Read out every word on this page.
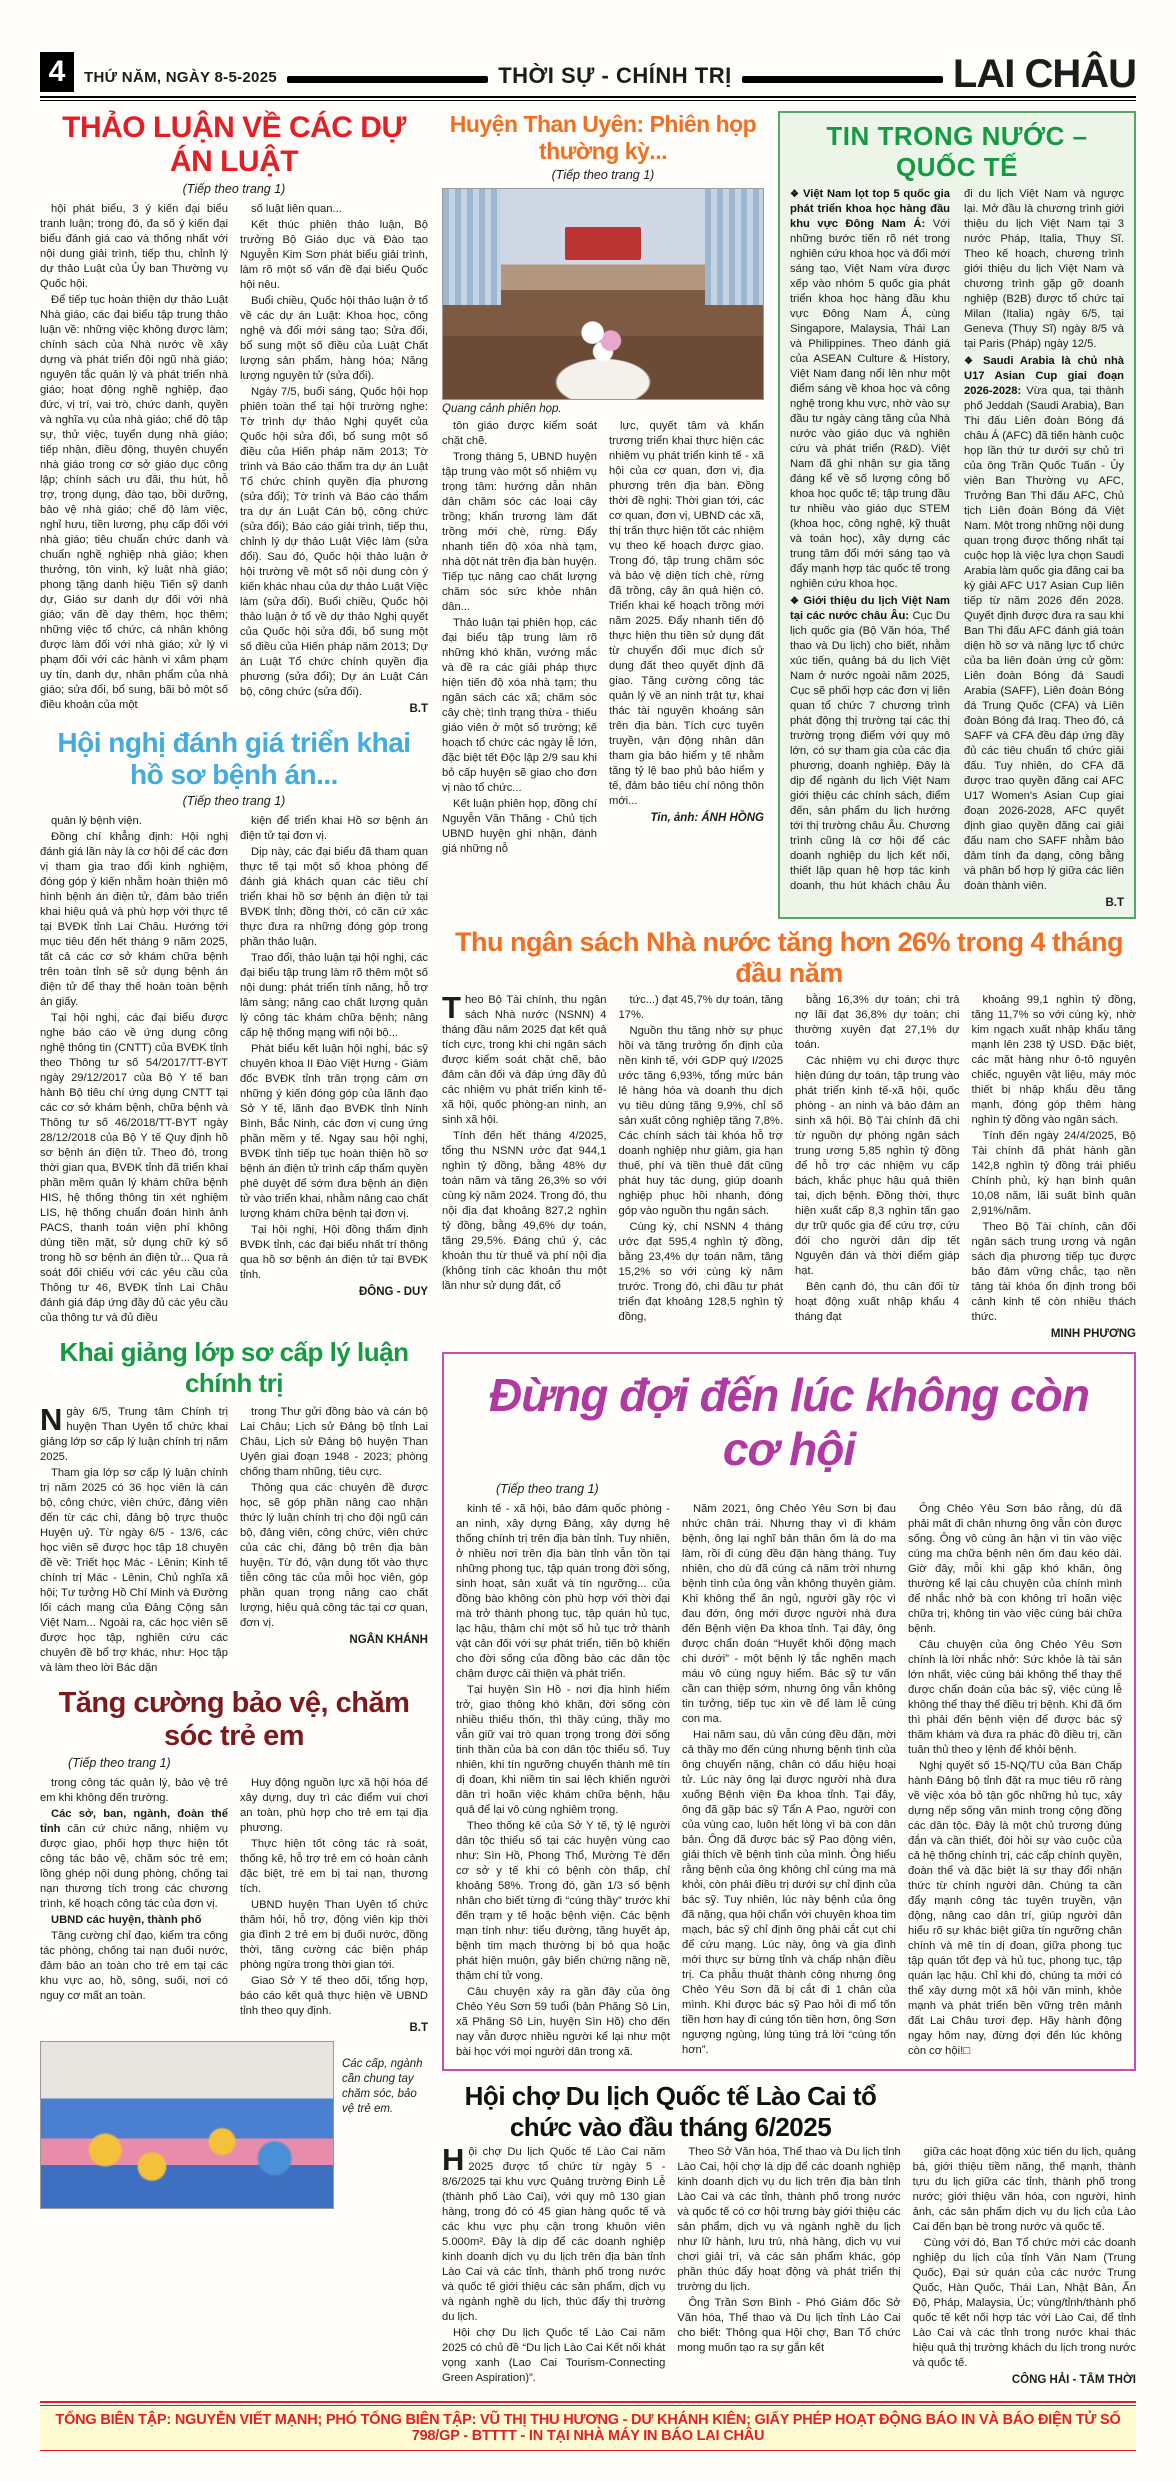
4	THỨ NĂM, NGÀY 8-5-2025	THỜI SỰ - CHÍNH TRỊ	LAI CHÂU
THẢO LUẬN VỀ CÁC DỰ ÁN LUẬT
(Tiếp theo trang 1)

hội phát biểu, 3 ý kiến đại biểu tranh luận; trong đó, đa số ý kiến đại biểu đánh giá cao và thống nhất với nội dung giải trình, tiếp thu, chỉnh lý dự thảo Luật của Ủy ban Thường vụ Quốc hội.

Để tiếp tục hoàn thiện dự thảo Luật Nhà giáo, các đại biểu tập trung thảo luận về: những việc không được làm; chính sách của Nhà nước về xây dựng và phát triển đội ngũ nhà giáo; nguyên tắc quản lý và phát triển nhà giáo; hoạt động nghề nghiệp, đạo đức, vị trí, vai trò, chức danh, quyền và nghĩa vụ của nhà giáo; chế độ tập sự, thử việc, tuyển dụng nhà giáo; tiếp nhận, điều động, thuyên chuyển nhà giáo trong cơ sở giáo dục công lập; chính sách ưu đãi, thu hút, hỗ trợ, trọng dụng, đào tạo, bồi dưỡng, bảo vệ nhà giáo; chế độ làm việc, nghỉ hưu, tiền lương, phụ cấp đối với nhà giáo; tiêu chuẩn chức danh và chuẩn nghề nghiệp nhà giáo; khen thưởng, tôn vinh, kỷ luật nhà giáo; phong tặng danh hiệu Tiến sỹ danh dự, Giáo sư danh dự đối với nhà giáo; vấn đề dạy thêm, học thêm; những việc tổ chức, cá nhân không được làm đối với nhà giáo; xử lý vi phạm đối với các hành vi xâm phạm uy tín, danh dự, nhân phẩm của nhà giáo; sửa đổi, bổ sung, bãi bỏ một số điều khoản của một

số luật liên quan...

Kết thúc phiên thảo luận, Bộ trưởng Bộ Giáo dục và Đào tạo Nguyễn Kim Sơn phát biểu giải trình, làm rõ một số vấn đề đại biểu Quốc hội nêu.

Buổi chiều, Quốc hội thảo luận ở tổ về các dự án Luật: Khoa học, công nghệ và đổi mới sáng tạo; Sửa đổi, bổ sung một số điều của Luật Chất lượng sản phẩm, hàng hóa; Năng lượng nguyên tử (sửa đổi).

Ngày 7/5, buổi sáng, Quốc hội họp phiên toàn thể tại hội trường nghe: Tờ trình dự thảo Nghị quyết của Quốc hội sửa đổi, bổ sung một số điều của Hiến pháp năm 2013; Tờ trình và Báo cáo thẩm tra dự án Luật Tổ chức chính quyền địa phương (sửa đổi); Tờ trình và Báo cáo thẩm tra dự án Luật Cán bộ, công chức (sửa đổi); Báo cáo giải trình, tiếp thu, chỉnh lý dự thảo Luật Việc làm (sửa đổi). Sau đó, Quốc hội thảo luận ở hội trường về một số nội dung còn ý kiến khác nhau của dự thảo Luật Việc làm (sửa đổi). Buổi chiều, Quốc hội thảo luận ở tổ về dự thảo Nghị quyết của Quốc hội sửa đổi, bổ sung một số điều của Hiến pháp năm 2013; Dự án Luật Tổ chức chính quyền địa phương (sửa đổi); Dự án Luật Cán bộ, công chức (sửa đổi).

B.T
Hội nghị đánh giá triển khai hồ sơ bệnh án...
(Tiếp theo trang 1)

quản lý bệnh viện.

Đồng chí khẳng định: Hội nghị đánh giá lần này là cơ hội để các đơn vị tham gia trao đổi kinh nghiệm, đóng góp ý kiến nhằm hoàn thiện mô hình bệnh án điện tử, đảm bảo triển khai hiệu quả và phù hợp với thực tế tại BVĐK tỉnh Lai Châu. Hướng tới mục tiêu đến hết tháng 9 năm 2025, tất cả các cơ sở khám chữa bệnh trên toàn tỉnh sẽ sử dụng bệnh án điện tử để thay thế hoàn toàn bệnh án giấy.

Tại hội nghị, các đại biểu được nghe báo cáo về ứng dụng công nghệ thông tin (CNTT) của BVĐK tỉnh theo Thông tư số 54/2017/TT-BYT ngày 29/12/2017 của Bộ Y tế ban hành Bộ tiêu chí ứng dụng CNTT tại các cơ sở khám bệnh, chữa bệnh và Thông tư số 46/2018/TT-BYT ngày 28/12/2018 của Bộ Y tế Quy định hồ sơ bệnh án điện tử. Theo đó, trong thời gian qua, BVĐK tỉnh đã triển khai phần mềm quản lý khám chữa bệnh HIS, hệ thống thông tin xét nghiệm LIS, hệ thống chuẩn đoán hình ảnh PACS, thanh toán viện phí không dùng tiền mặt, sử dụng chữ ký số trong hồ sơ bệnh án điện tử... Qua rà soát đối chiếu với các yêu cầu của Thông tư 46, BVĐK tỉnh Lai Châu đánh giá đáp ứng đầy đủ các yêu cầu của thông tư và đủ điều

kiện để triển khai Hồ sơ bệnh án điện tử tại đơn vị.

Dịp này, các đại biểu đã tham quan thực tế tại một số khoa phòng để đánh giá khách quan các tiêu chí triển khai hồ sơ bệnh án điện tử tại BVĐK tỉnh; đồng thời, có căn cứ xác thực đưa ra những đóng góp trong phần thảo luận.

Trao đổi, thảo luận tại hội nghị, các đại biểu tập trung làm rõ thêm một số nội dung: phát triển tính năng, hỗ trợ lâm sàng; nâng cao chất lượng quản lý công tác khám chữa bệnh; nâng cấp hệ thống mạng wifi nội bộ...

Phát biểu kết luận hội nghị, bác sỹ chuyên khoa II Đào Việt Hưng - Giám đốc BVĐK tỉnh trân trọng cảm ơn những ý kiến đóng góp của lãnh đạo Sở Y tế, lãnh đạo BVĐK tỉnh Ninh Bình, Bắc Ninh, các đơn vị cung ứng phần mềm y tế. Ngay sau hội nghị, BVĐK tỉnh tiếp tục hoàn thiện hồ sơ bệnh án điện tử trình cấp thẩm quyền phê duyệt để sớm đưa bệnh án điện tử vào triển khai, nhằm nâng cao chất lượng khám chữa bệnh tại đơn vị.

Tại hội nghị, Hội đồng thẩm định BVĐK tỉnh, các đại biểu nhất trí thông qua hồ sơ bệnh án điện tử tại BVĐK tỉnh.

ĐÔNG - DUY
Khai giảng lớp sơ cấp lý luận chính trị

Ngày 6/5, Trung tâm Chính trị huyện Than Uyên tổ chức khai giảng lớp sơ cấp lý luận chính trị năm 2025.

Tham gia lớp sơ cấp lý luận chính trị năm 2025 có 36 học viên là cán bộ, công chức, viên chức, đảng viên đến từ các chi, đảng bộ trực thuộc Huyện uỷ. Từ ngày 6/5 - 13/6, các học viên sẽ được học tập 18 chuyên đề về: Triết học Mác - Lênin; Kinh tế chính trị Mác - Lênin, Chủ nghĩa xã hội; Tư tưởng Hồ Chí Minh và Đường lối cách mạng của Đảng Cộng sản Việt Nam... Ngoài ra, các học viên sẽ được học tập, nghiên cứu các chuyên đề bổ trợ khác, như: Học tập và làm theo lời Bác dặn

trong Thư gửi đồng bào và cán bộ Lai Châu; Lịch sử Đảng bộ tỉnh Lai Châu, Lịch sử Đảng bộ huyện Than Uyên giai đoạn 1948 - 2023; phòng chống tham nhũng, tiêu cực.

Thông qua các chuyên đề được học, sẽ góp phần nâng cao nhận thức lý luận chính trị cho đội ngũ cán bộ, đảng viên, công chức, viên chức của các chi, đảng bộ trên địa bàn huyện. Từ đó, vận dụng tốt vào thực tiễn công tác của mỗi học viên, góp phần quan trọng nâng cao chất lượng, hiệu quả công tác tại cơ quan, đơn vị.

NGÂN KHÁNH
Tăng cường bảo vệ, chăm sóc trẻ em
(Tiếp theo trang 1)

trong công tác quản lý, bảo vệ trẻ em khi không đến trường.

Các sở, ban, ngành, đoàn thể tỉnh căn cứ chức năng, nhiệm vụ được giao, phối hợp thực hiện tốt công tác bảo vệ, chăm sóc trẻ em; lồng ghép nội dung phòng, chống tai nạn thương tích trong các chương trình, kế hoạch công tác của đơn vị.

UBND các huyện, thành phố

Tăng cường chỉ đạo, kiểm tra công tác phòng, chống tai nạn đuối nước, đảm bảo an toàn cho trẻ em tại các khu vực ao, hồ, sông, suối, nơi có nguy cơ mất an toàn.

Huy động nguồn lực xã hội hóa để xây dựng, duy trì các điểm vui chơi an toàn, phù hợp cho trẻ em tại địa phương.

Thực hiện tốt công tác rà soát, thống kê, hỗ trợ trẻ em có hoàn cảnh đặc biệt, trẻ em bị tai nạn, thương tích.

UBND huyện Than Uyên tổ chức thăm hỏi, hỗ trợ, động viên kịp thời gia đình 2 trẻ em bị đuối nước, đồng thời, tăng cường các biện pháp phòng ngừa trong thời gian tới.

Giao Sở Y tế theo dõi, tổng hợp, báo cáo kết quả thực hiện về UBND tỉnh theo quy định.

B.T
Các cấp, ngành cần chung tay chăm sóc, bảo vệ trẻ em.
Huyện Than Uyên: Phiên họp thường kỳ...
(Tiếp theo trang 1)
Quang cảnh phiên họp.

tôn giáo được kiểm soát chặt chẽ.

Trong tháng 5, UBND huyện tập trung vào một số nhiệm vụ trọng tâm: hướng dẫn nhân dân chăm sóc các loại cây trồng; khẩn trương làm đất trồng mới chè, rừng. Đẩy nhanh tiến độ xóa nhà tạm, nhà dột nát trên địa bàn huyện. Tiếp tục nâng cao chất lượng chăm sóc sức khỏe nhân dân...

Thảo luận tại phiên họp, các đại biểu tập trung làm rõ những khó khăn, vướng mắc và đề ra các giải pháp thực hiện tiến độ xóa nhà tạm; thu ngân sách các xã; chăm sóc cây chè; tình trạng thừa - thiếu giáo viên ở một số trường; kế hoạch tổ chức các ngày lễ lớn, đặc biệt tết Độc lập 2/9 sau khi bỏ cấp huyện sẽ giao cho đơn vị nào tổ chức...

Kết luận phiên họp, đồng chí Nguyễn Văn Thăng - Chủ tịch UBND huyện ghi nhận, đánh giá những nỗ

lực, quyết tâm và khẩn trương triển khai thực hiện các nhiệm vụ phát triển kinh tế - xã hội của cơ quan, đơn vị, địa phương trên địa bàn. Đồng thời đề nghị: Thời gian tới, các cơ quan, đơn vị, UBND các xã, thị trấn thực hiện tốt các nhiệm vụ theo kế hoạch được giao. Trong đó, tập trung chăm sóc và bảo vệ diện tích chè, rừng đã trồng, cây ăn quả hiện có. Triển khai kế hoạch trồng mới năm 2025. Đẩy nhanh tiến độ thực hiện thu tiền sử dụng đất từ chuyển đổi mục đích sử dụng đất theo quyết định đã giao. Tăng cường công tác quản lý về an ninh trật tự, khai thác tài nguyên khoáng sản trên địa bàn. Tích cực tuyên truyền, vận động nhân dân tham gia bảo hiểm y tế nhằm tăng tỷ lệ bao phủ bảo hiểm y tế, đảm bảo tiêu chí nông thôn mới...

Tin, ảnh: ÁNH HỒNG
TIN TRONG NƯỚC – QUỐC TẾ

❖ Việt Nam lọt top 5 quốc gia phát triển khoa học hàng đầu khu vực Đông Nam Á: Với những bước tiến rõ nét trong nghiên cứu khoa học và đổi mới sáng tạo, Việt Nam vừa được xếp vào nhóm 5 quốc gia phát triển khoa học hàng đầu khu vực Đông Nam Á, cùng Singapore, Malaysia, Thái Lan và Philippines. Theo đánh giá của ASEAN Culture & History, Việt Nam đang nổi lên như một điểm sáng về khoa học và công nghệ trong khu vực, nhờ vào sự đầu tư ngày càng tăng của Nhà nước vào giáo dục và nghiên cứu và phát triển (R&D). Việt Nam đã ghi nhận sự gia tăng đáng kể về số lượng công bố khoa học quốc tế; tập trung đầu tư nhiều vào giáo dục STEM (khoa học, công nghệ, kỹ thuật và toán học), xây dựng các trung tâm đổi mới sáng tạo và đẩy mạnh hợp tác quốc tế trong nghiên cứu khoa học.

❖ Giới thiệu du lịch Việt Nam tại các nước châu Âu: Cục Du lịch quốc gia (Bộ Văn hóa, Thể thao và Du lịch) cho biết, nhằm xúc tiến, quảng bá du lịch Việt Nam ở nước ngoài năm 2025, Cục sẽ phối hợp các đơn vị liên quan tổ chức 7 chương trình phát động thị trường tại các thị trường trọng điểm với quy mô lớn, có sự tham gia của các địa phương, doanh nghiệp. Đây là dịp để ngành du lịch Việt Nam giới thiệu các chính sách, điểm đến, sản phẩm du lịch hướng tới thị trường châu Âu. Chương trình cũng là cơ hội để các doanh nghiệp du lịch kết nối, thiết lập quan hệ hợp tác kinh doanh, thu hút khách châu Âu đi du lịch Việt Nam và ngược lại. Mở đầu là chương trình giới thiệu du lịch Việt Nam tại 3 nước Pháp, Italia, Thụy Sĩ. Theo kế hoạch, chương trình giới thiệu du lịch Việt Nam và chương trình gặp gỡ doanh nghiệp (B2B) được tổ chức tại Milan (Italia) ngày 6/5, tại Geneva (Thụy Sĩ) ngày 8/5 và tại Paris (Pháp) ngày 12/5.

❖ Saudi Arabia là chủ nhà U17 Asian Cup giai đoạn 2026-2028: Vừa qua, tại thành phố Jeddah (Saudi Arabia), Ban Thi đấu Liên đoàn Bóng đá châu Á (AFC) đã tiến hành cuộc họp lần thứ tư dưới sự chủ trì của ông Trần Quốc Tuấn - Ủy viên Ban Thường vụ AFC, Trưởng Ban Thi đấu AFC, Chủ tịch Liên đoàn Bóng đá Việt Nam. Một trong những nội dung quan trọng được thống nhất tại cuộc họp là việc lựa chọn Saudi Arabia làm quốc gia đăng cai ba kỳ giải AFC U17 Asian Cup liên tiếp từ năm 2026 đến 2028. Quyết định được đưa ra sau khi Ban Thi đấu AFC đánh giá toàn diện hồ sơ và năng lực tổ chức của ba liên đoàn ứng cử gồm: Liên đoàn Bóng đá Saudi Arabia (SAFF), Liên đoàn Bóng đá Trung Quốc (CFA) và Liên đoàn Bóng đá Iraq. Theo đó, cả SAFF và CFA đều đáp ứng đầy đủ các tiêu chuẩn tổ chức giải đấu. Tuy nhiên, do CFA đã được trao quyền đăng cai AFC U17 Women's Asian Cup giai đoạn 2026-2028, AFC quyết định giao quyền đăng cai giải đấu nam cho SAFF nhằm bảo đảm tính đa dạng, công bằng và phân bổ hợp lý giữa các liên đoàn thành viên.

B.T
Thu ngân sách Nhà nước tăng hơn 26% trong 4 tháng đầu năm

Theo Bộ Tài chính, thu ngân sách Nhà nước (NSNN) 4 tháng đầu năm 2025 đạt kết quả tích cực, trong khi chi ngân sách được kiểm soát chặt chẽ, bảo đảm cân đối và đáp ứng đầy đủ các nhiệm vụ phát triển kinh tế-xã hội, quốc phòng-an ninh, an sinh xã hội.

Tính đến hết tháng 4/2025, tổng thu NSNN ước đạt 944,1 nghìn tỷ đồng, bằng 48% dự toán năm và tăng 26,3% so với cùng kỳ năm 2024. Trong đó, thu nội địa đạt khoảng 827,2 nghìn tỷ đồng, bằng 49,6% dự toán, tăng 29,5%. Đáng chú ý, các khoản thu từ thuế và phí nội địa (không tính các khoản thu một lần như sử dụng đất, cổ

tức...) đạt 45,7% dự toán, tăng 17%.

Nguồn thu tăng nhờ sự phục hồi và tăng trưởng ổn định của nền kinh tế, với GDP quý I/2025 ước tăng 6,93%, tổng mức bán lẻ hàng hóa và doanh thu dịch vụ tiêu dùng tăng 9,9%, chỉ số sản xuất công nghiệp tăng 7,8%. Các chính sách tài khóa hỗ trợ doanh nghiệp như giảm, gia hạn thuế, phí và tiền thuê đất cũng phát huy tác dụng, giúp doanh nghiệp phục hồi nhanh, đóng góp vào nguồn thu ngân sách.

Cùng kỳ, chi NSNN 4 tháng ước đạt 595,4 nghìn tỷ đồng, bằng 23,4% dự toán năm, tăng 15,2% so với cùng kỳ năm trước. Trong đó, chi đầu tư phát triển đạt khoảng 128,5 nghìn tỷ đồng,

bằng 16,3% dự toán; chi trả nợ lãi đạt 36,8% dự toán; chi thường xuyên đạt 27,1% dự toán.

Các nhiệm vụ chi được thực hiện đúng dự toán, tập trung vào phát triển kinh tế-xã hội, quốc phòng - an ninh và bảo đảm an sinh xã hội. Bộ Tài chính đã chi từ nguồn dự phòng ngân sách trung ương 5,85 nghìn tỷ đồng để hỗ trợ các nhiệm vụ cấp bách, khắc phục hậu quả thiên tai, dịch bệnh. Đồng thời, thực hiện xuất cấp 8,3 nghìn tấn gạo dự trữ quốc gia để cứu trợ, cứu đói cho người dân dịp tết Nguyên đán và thời điểm giáp hạt.

Bên cạnh đó, thu cân đối từ hoạt động xuất nhập khẩu 4 tháng đạt

khoảng 99,1 nghìn tỷ đồng, tăng 11,7% so với cùng kỳ, nhờ kim ngạch xuất nhập khẩu tăng mạnh lên 238 tỷ USD. Đặc biệt, các mặt hàng như ô-tô nguyên chiếc, nguyên vật liệu, máy móc thiết bị nhập khẩu đều tăng mạnh, đóng góp thêm hàng nghìn tỷ đồng vào ngân sách.

Tính đến ngày 24/4/2025, Bộ Tài chính đã phát hành gần 142,8 nghìn tỷ đồng trái phiếu Chính phủ, kỳ hạn bình quân 10,08 năm, lãi suất bình quân 2,91%/năm.

Theo Bộ Tài chính, cân đối ngân sách trung ương và ngân sách địa phương tiếp tục được bảo đảm vững chắc, tạo nền tảng tài khóa ổn định trong bối cảnh kinh tế còn nhiều thách thức.

MINH PHƯƠNG
Đừng đợi đến lúc không còn cơ hội
(Tiếp theo trang 1)

kinh tế - xã hội, bảo đảm quốc phòng - an ninh, xây dựng Đảng, xây dựng hệ thống chính trị trên địa bàn tỉnh. Tuy nhiên, ở nhiều nơi trên địa bàn tỉnh vẫn tồn tại những phong tục, tập quán trong đời sống, sinh hoạt, sản xuất và tín ngưỡng... của đồng bào không còn phù hợp với thời đại mà trở thành phong tục, tập quán hủ tục, lạc hậu, thậm chí một số hủ tục trở thành vật cản đối với sự phát triển, tiến bộ khiến cho đời sống của đồng bào các dân tộc chậm được cải thiện và phát triển.

Tại huyện Sìn Hồ - nơi địa hình hiểm trở, giao thông khó khăn, đời sống còn nhiều thiếu thốn, thì thầy cúng, thầy mo vẫn giữ vai trò quan trọng trong đời sống tinh thần của bà con dân tộc thiểu số. Tuy nhiên, khi tín ngưỡng chuyển thành mê tín dị đoan, khi niềm tin sai lệch khiến người dân trì hoãn việc khám chữa bệnh, hậu quả để lại vô cùng nghiêm trọng.

Theo thống kê của Sở Y tế, tỷ lệ người dân tộc thiểu số tại các huyện vùng cao như: Sìn Hồ, Phong Thổ, Mường Tè đến cơ sở y tế khi có bệnh còn thấp, chỉ khoảng 58%. Trong đó, gần 1/3 số bệnh nhân cho biết từng đi “cúng thầy” trước khi đến trạm y tế hoặc bệnh viện. Các bệnh mạn tính như: tiểu đường, tăng huyết áp, bệnh tim mạch thường bị bỏ qua hoặc phát hiện muộn, gây biến chứng nặng nề, thậm chí tử vong.

Câu chuyện xảy ra gần đây của ông Chẻo Yêu Sơn 59 tuổi (bản Phăng Sô Lin, xã Phăng Sô Lin, huyện Sìn Hồ) cho đến nay vẫn được nhiều người kể lại như một bài học với mọi người dân trong xã.

Năm 2021, ông Chẻo Yêu Sơn bị đau nhức chân trái. Nhưng thay vì đi khám bệnh, ông lại nghĩ bản thân ốm là do ma làm, rồi đi cúng đều đặn hàng tháng. Tuy nhiên, cho dù đã cúng cả năm trời nhưng bệnh tình của ông vẫn không thuyên giảm. Khi không thể ăn ngủ, người gầy rộc vì đau đớn, ông mới được người nhà đưa đến Bệnh viện Đa khoa tỉnh. Tại đây, ông được chẩn đoán “Huyết khối động mạch chi dưới” - một bệnh lý tắc nghẽn mạch máu vô cùng nguy hiểm. Bác sỹ tư vấn cần can thiệp sớm, nhưng ông vẫn không tin tưởng, tiếp tục xin về để làm lễ cúng con ma.

Hai năm sau, dù vẫn cúng đều đặn, mời cả thầy mo đến cúng nhưng bệnh tình của ông chuyển nặng, chân có dấu hiệu hoại tử. Lúc này ông lại được người nhà đưa xuống Bệnh viện Đa khoa tỉnh. Tại đây, ông đã gặp bác sỹ Tẩn A Pao, người con của vùng cao, luôn hết lòng vì bà con dân bản. Ông đã được bác sỹ Pao động viên, giải thích về bệnh tình của mình. Ông hiểu rằng bệnh của ông không chỉ cúng ma mà khỏi, còn phải điều trị dưới sự chỉ định của bác sỹ. Tuy nhiên, lúc này bệnh của ông đã nặng, qua hội chẩn với chuyên khoa tim mạch, bác sỹ chỉ định ông phải cắt cụt chi để cứu mạng. Lúc này, ông và gia đình mới thực sự bừng tỉnh và chấp nhận điều trị. Ca phẫu thuật thành công nhưng ông Chẻo Yêu Sơn đã bị cắt đi 1 chân của mình. Khi được bác sỹ Pao hỏi đi mổ tốn tiền hơn hay đi cúng tốn tiền hơn, ông Sơn ngượng ngùng, lúng túng trả lời “cúng tốn hơn”.

Ông Chẻo Yêu Sơn bảo rằng, dù đã phải mất đi chân nhưng ông vẫn còn được sống. Ông vô cùng ân hận vì tin vào việc cúng ma chữa bệnh nên ốm đau kéo dài. Giờ đây, mỗi khi gặp khó khăn, ông thường kể lại câu chuyện của chính mình để nhắc nhở bà con không trì hoãn việc chữa trị, không tin vào việc cúng bái chữa bệnh.

Câu chuyện của ông Chẻo Yêu Sơn chính là lời nhắc nhở: Sức khỏe là tài sản lớn nhất, việc cúng bái không thể thay thế được chẩn đoán của bác sỹ, việc cúng lễ không thể thay thế điều trị bệnh. Khi đã ốm thì phải đến bệnh viện để được bác sỹ thăm khám và đưa ra phác đồ điều trị, cần tuân thủ theo y lệnh để khỏi bệnh.

Nghị quyết số 15-NQ/TU của Ban Chấp hành Đảng bộ tỉnh đặt ra mục tiêu rõ ràng về việc xóa bỏ tận gốc những hủ tục, xây dựng nếp sống văn minh trong cộng đồng các dân tộc. Đây là một chủ trương đúng đắn và cần thiết, đòi hỏi sự vào cuộc của cả hệ thống chính trị, các cấp chính quyền, đoàn thể và đặc biệt là sự thay đổi nhận thức từ chính người dân. Chúng ta cần đẩy mạnh công tác tuyên truyền, vận động, nâng cao dân trí, giúp người dân hiểu rõ sự khác biệt giữa tín ngưỡng chân chính và mê tín dị đoan, giữa phong tục tập quán tốt đẹp và hủ tục, phong tục, tập quán lạc hậu. Chỉ khi đó, chúng ta mới có thể xây dựng một xã hội văn minh, khỏe mạnh và phát triển bền vững trên mảnh đất Lai Châu tươi đẹp. Hãy hành động ngay hôm nay, đừng đợi đến lúc không còn cơ hội!□

Hội chợ Du lịch Quốc tế Lào Cai tổ chức vào đầu tháng 6/2025

Hội chợ Du lịch Quốc tế Lào Cai năm 2025 được tổ chức từ ngày 5 - 8/6/2025 tại khu vực Quảng trường Đinh Lễ (thành phố Lào Cai), với quy mô 130 gian hàng, trong đó có 45 gian hàng quốc tế và các khu vực phụ cận trong khuôn viên 5.000m². Đây là dịp để các doanh nghiệp kinh doanh dịch vụ du lịch trên địa bàn tỉnh Lào Cai và các tỉnh, thành phố trong nước và quốc tế giới thiệu các sản phẩm, dịch vụ và ngành nghề du lịch, thúc đẩy thị trường du lịch.

Hội chợ Du lịch Quốc tế Lào Cai năm 2025 có chủ đề “Du lịch Lào Cai Kết nối khát vọng xanh (Lao Cai Tourism-Connecting Green Aspiration)”.

Theo Sở Văn hóa, Thể thao và Du lịch tỉnh Lào Cai, hội chợ là dịp để các doanh nghiệp kinh doanh dịch vụ du lịch trên địa bàn tỉnh Lào Cai và các tỉnh, thành phố trong nước và quốc tế có cơ hội trưng bày giới thiệu các sản phẩm, dịch vụ và ngành nghề du lịch như lữ hành, lưu trú, nhà hàng, dịch vụ vui chơi giải trí, và các sản phẩm khác, góp phần thúc đẩy hoạt động và phát triển thị trường du lịch.

Ông Trần Sơn Bình - Phó Giám đốc Sở Văn hóa, Thể thao và Du lịch tỉnh Lào Cai cho biết: Thông qua Hội chợ, Ban Tổ chức mong muốn tạo ra sự gắn kết

giữa các hoạt động xúc tiến du lịch, quảng bá, giới thiệu tiềm năng, thế mạnh, thành tựu du lịch giữa các tỉnh, thành phố trong nước; giới thiệu văn hóa, con người, hình ảnh, các sản phẩm dịch vụ du lịch của Lào Cai đến bạn bè trong nước và quốc tế.

Cùng với đó, Ban Tổ chức mời các doanh nghiệp du lịch của tỉnh Vân Nam (Trung Quốc), Đại sứ quán của các nước Trung Quốc, Hàn Quốc, Thái Lan, Nhật Bản, Ấn Độ, Pháp, Malaysia, Úc; vùng/tỉnh/thành phố quốc tế kết nối hợp tác với Lào Cai, để tỉnh Lào Cai và các tỉnh trong nước khai thác hiệu quả thị trường khách du lịch trong nước và quốc tế.

CÔNG HẢI - TÂM THỜI
TỔNG BIÊN TẬP: NGUYỄN VIẾT MẠNH; PHÓ TỔNG BIÊN TẬP: VŨ THỊ THU HƯƠNG - DƯ KHÁNH KIÊN; GIẤY PHÉP HOẠT ĐỘNG BÁO IN VÀ BÁO ĐIỆN TỬ SỐ 798/GP - BTTTT - IN TẠI NHÀ MÁY IN BÁO LAI CHÂU
